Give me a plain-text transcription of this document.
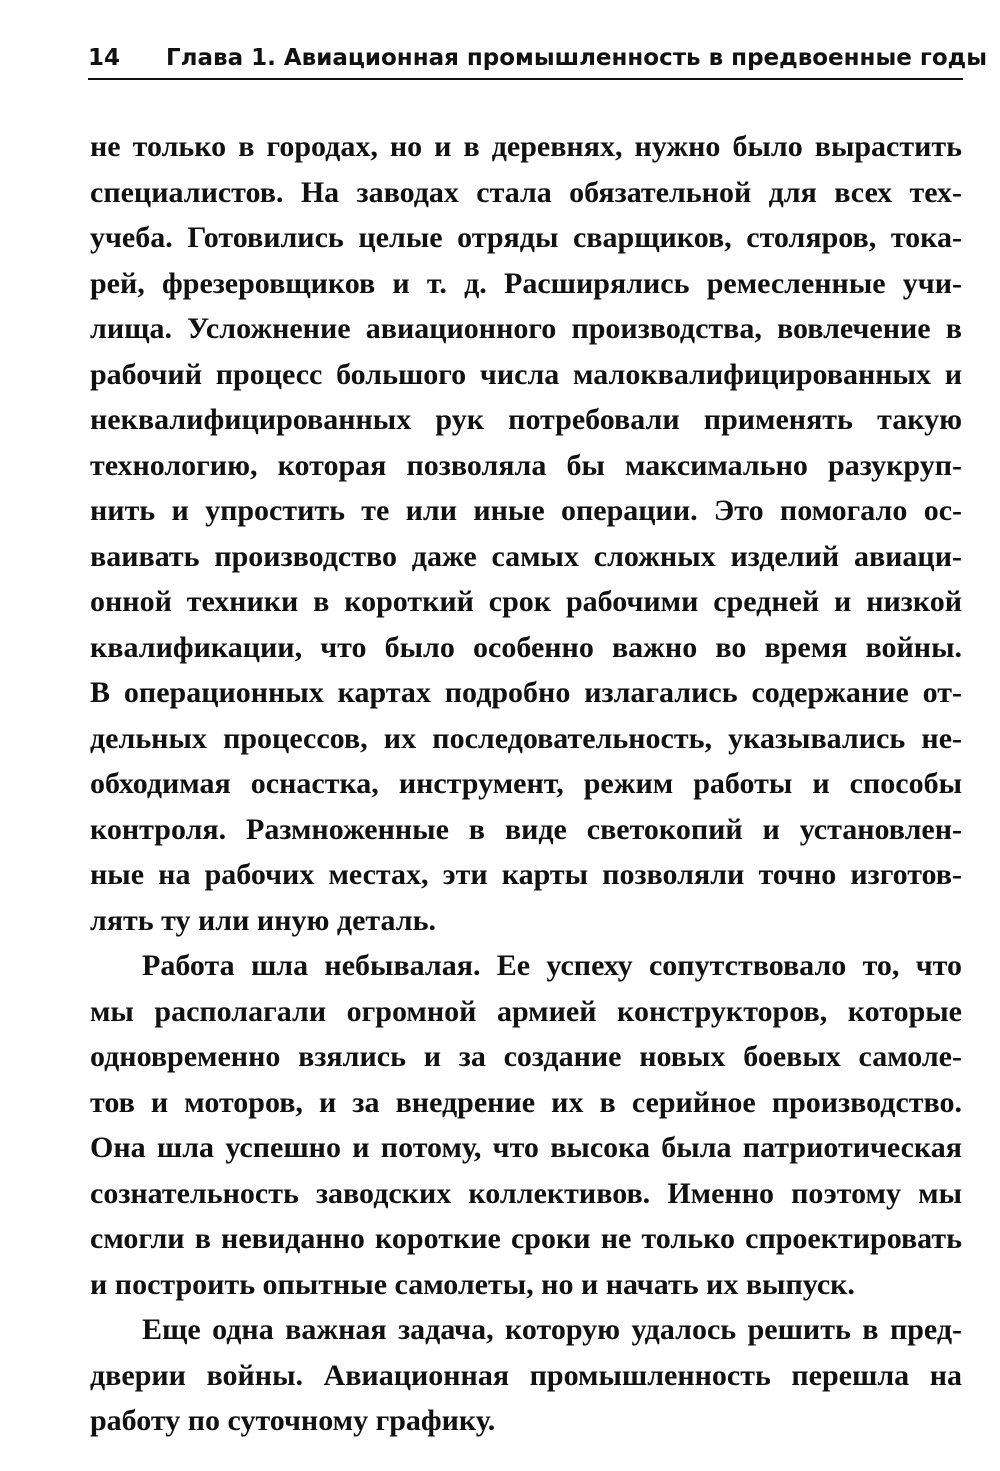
14 Глава 1. Авиационная промышленность в предвоенные годы
не только в городах, но и в деревнях, нужно было вырастить
специалистов. На заводах стала обязательной для всех тех-
учеба. Готовились целые отряды сварщиков, столяров, тока-
рей, фрезеровщиков и т. д. Расширялись ремесленные учи-
лища. Усложнение авиационного производства, вовлечение в
рабочий процесс большого числа малоквалифицированных и
неквалифицированных рук потребовали применять такую
технологию, которая позволяла бы максимально разукруп-
нить и упростить те или иные операции. Это помогало ос-
ваивать производство даже самых сложных изделий авиаци-
онной техники в короткий срок рабочими средней и низкой
квалификации, что было особенно важно во время войны.
В операционных картах подробно излагались содержание от-
дельных процессов, их последовательность, указывались не-
обходимая оснастка, инструмент, режим работы и способы
контроля. Размноженные в виде светокопий и установлен-
ные на рабочих местах, эти карты позволяли точно изготов-
лять ту или иную деталь.
Работа шла небывалая. Ее успеху сопутствовало то, что
мы располагали огромной армией конструкторов, которые
одновременно взялись и за создание новых боевых самоле-
тов и моторов, и за внедрение их в серийное производство.
Она шла успешно и потому, что высока была патриотическая
сознательность заводских коллективов. Именно поэтому мы
смогли в невиданно короткие сроки не только спроектировать
и построить опытные самолеты, но и начать их выпуск.
Еще одна важная задача, которую удалось решить в пред-
дверии войны. Авиационная промышленность перешла на
работу по суточному графику.
